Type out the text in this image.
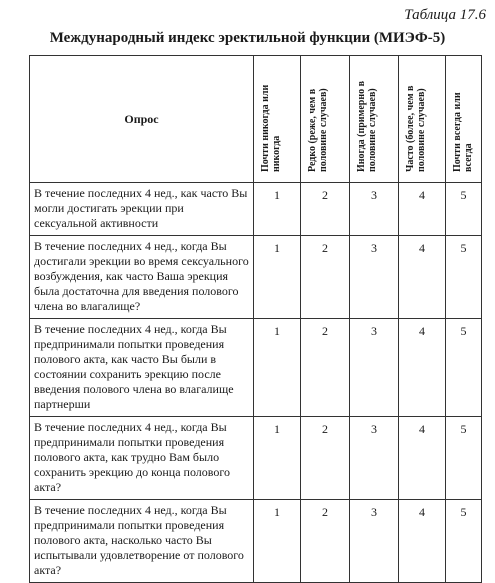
Таблица 17.6
Международный индекс эректильной функции (МИЭФ-5)
Опрос	Почти никогда или никогда	Редко (реже, чем в половине случаев)	Иногда (примерно в половине случаев)	Часто (более, чем в половине случаев)	Почти всегда или всегда
В течение последних 4 нед., как часто Вы могли достигать эрекции при сексуальной активности	1	2	3	4	5
В течение последних 4 нед., когда Вы достигали эрекции во время сексуального возбуждения, как часто Ваша эрекция была достаточна для введения полового члена во влагалище?	1	2	3	4	5
В течение последних 4 нед., когда Вы предпринимали попытки проведения полового акта, как часто Вы были в состоянии сохранить эрекцию после введения полового члена во влагалище партнерши	1	2	3	4	5
В течение последних 4 нед., когда Вы предпринимали попытки проведения полового акта, как трудно Вам было сохранить эрекцию до конца полового акта?	1	2	3	4	5
В течение последних 4 нед., когда Вы предпринимали попытки проведения полового акта, насколько часто Вы испытывали удовлетворение от полового акта?	1	2	3	4	5
